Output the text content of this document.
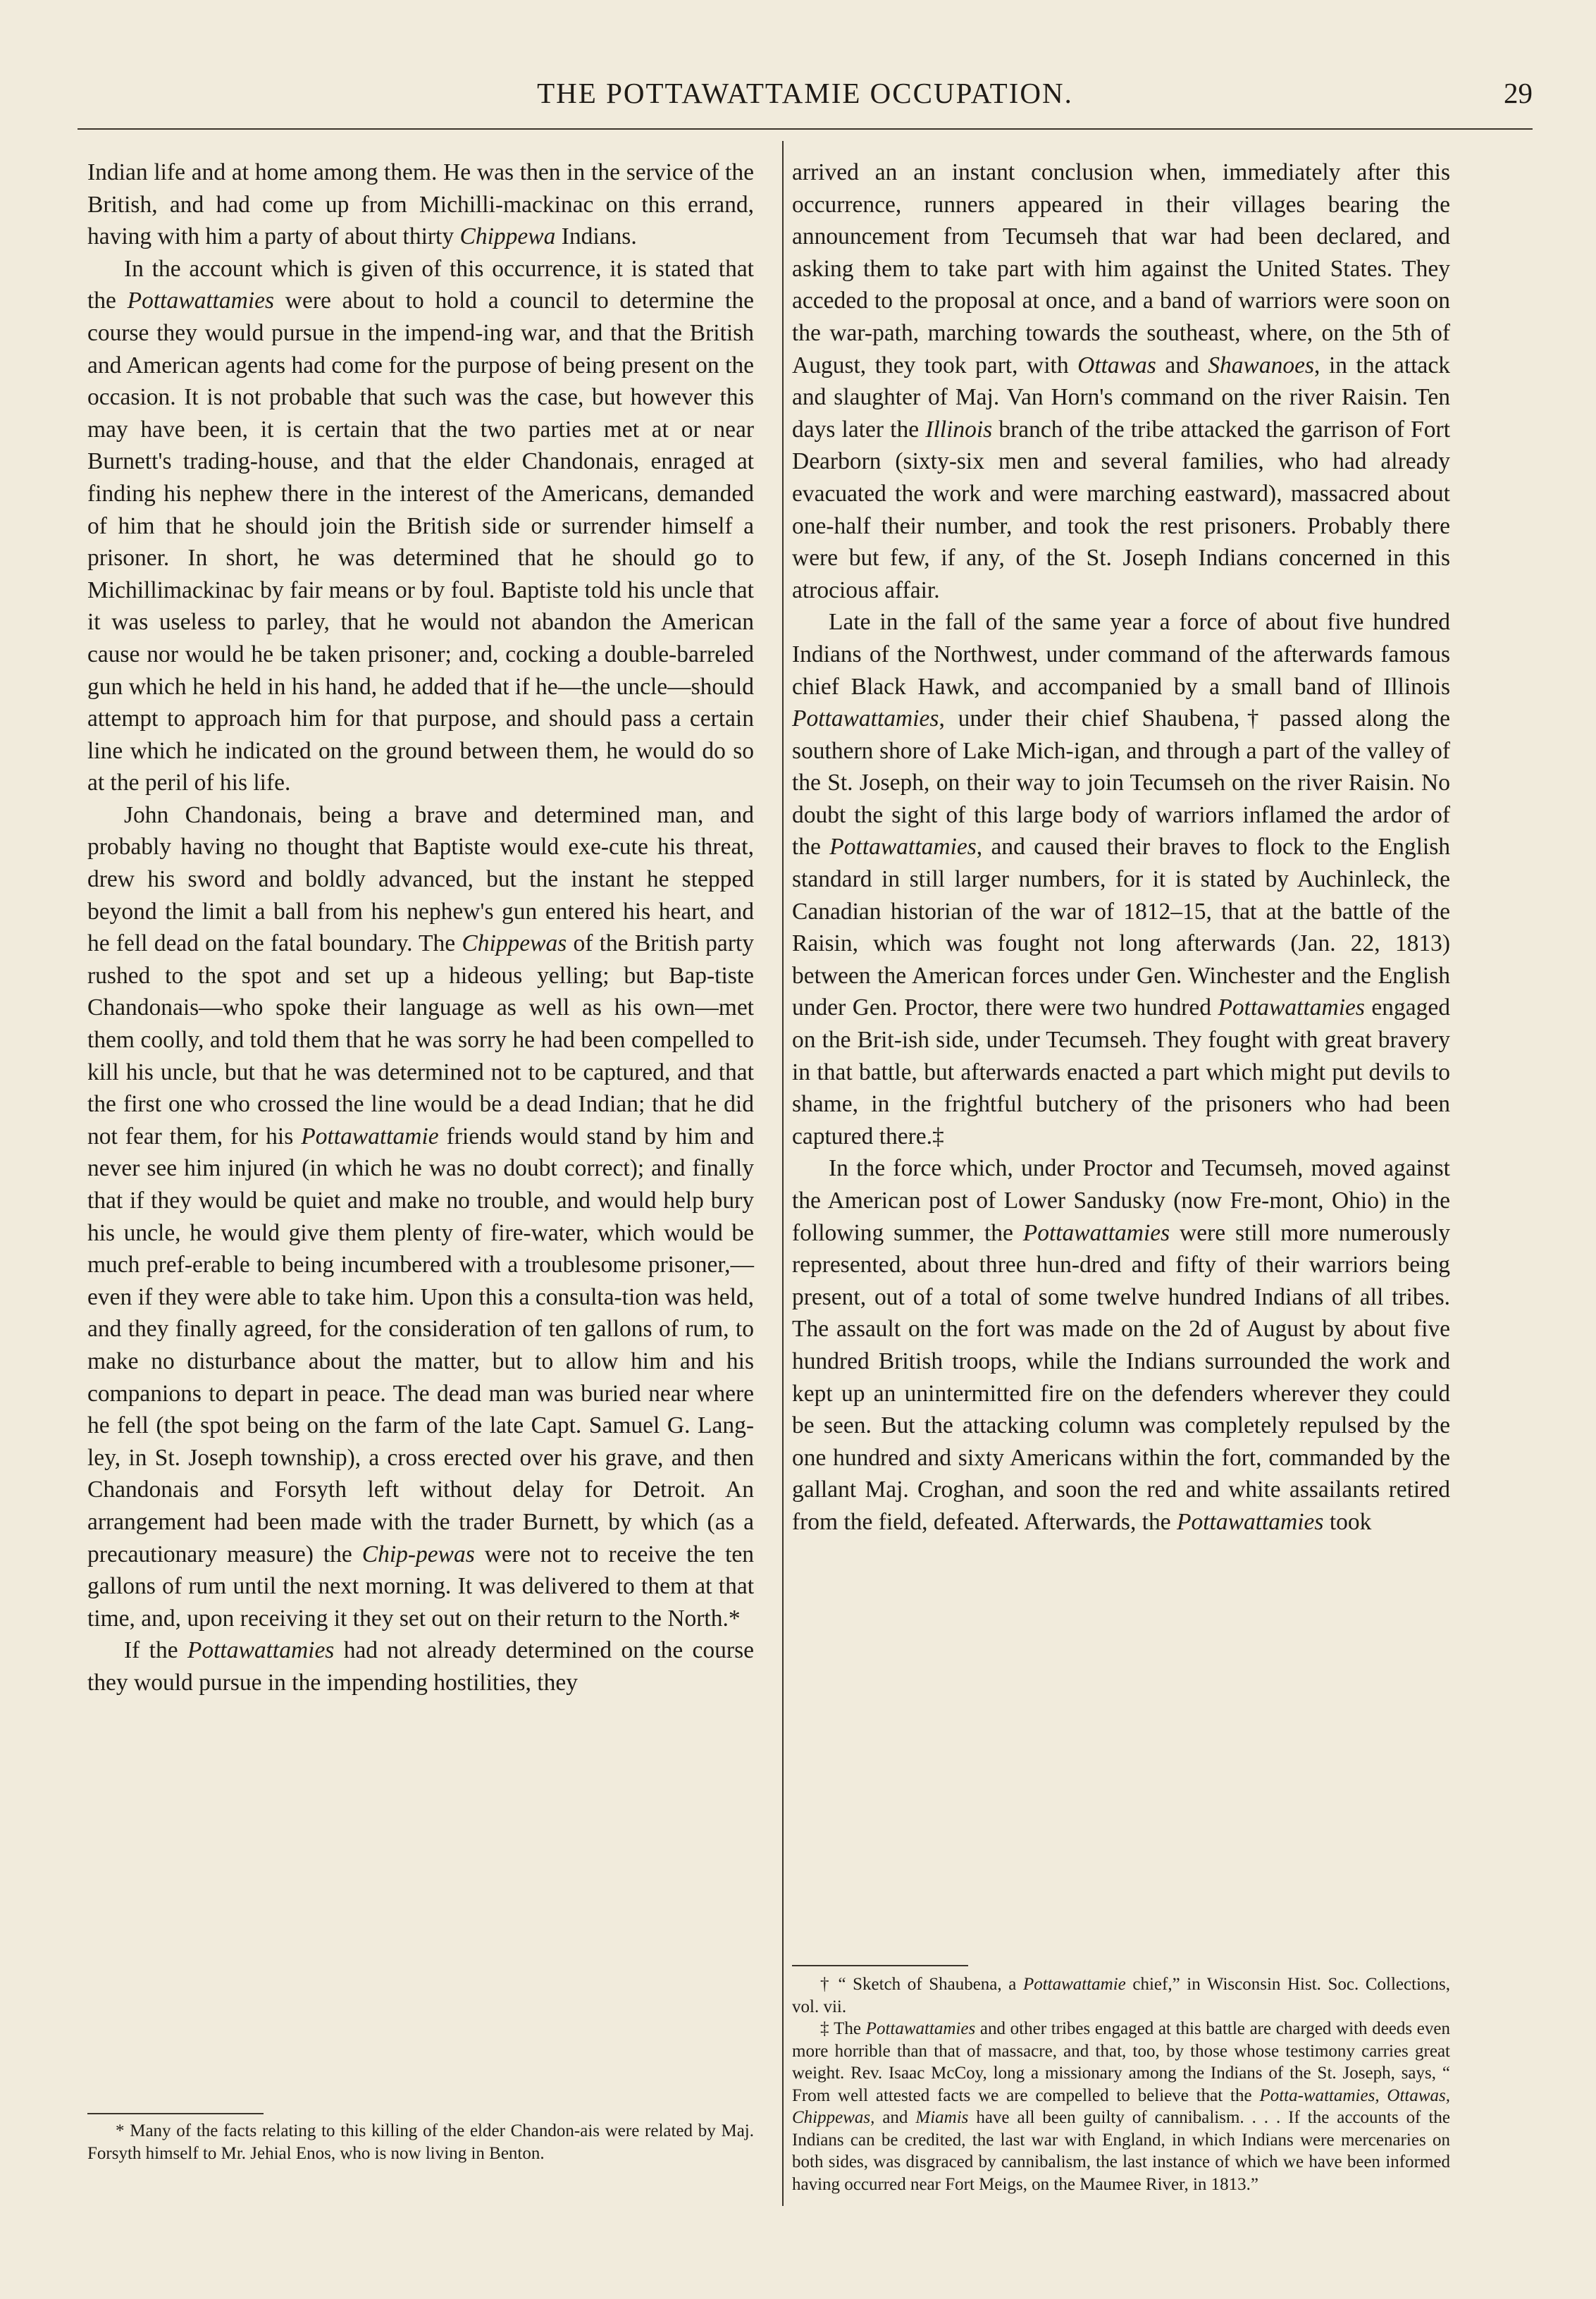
THE POTTAWATTAMIE OCCUPATION.	29

Indian life and at home among them. He was then in the service of the British, and had come up from Michilli-mackinac on this errand, having with him a party of about thirty Chippewa Indians.

In the account which is given of this occurrence, it is stated that the Pottawattamies were about to hold a council to determine the course they would pursue in the impend-ing war, and that the British and American agents had come for the purpose of being present on the occasion. It is not probable that such was the case, but however this may have been, it is certain that the two parties met at or near Burnett's trading-house, and that the elder Chandonais, enraged at finding his nephew there in the interest of the Americans, demanded of him that he should join the British side or surrender himself a prisoner. In short, he was determined that he should go to Michillimackinac by fair means or by foul. Baptiste told his uncle that it was useless to parley, that he would not abandon the American cause nor would he be taken prisoner; and, cocking a double-barreled gun which he held in his hand, he added that if he—the uncle—should attempt to approach him for that purpose, and should pass a certain line which he indicated on the ground between them, he would do so at the peril of his life.

John Chandonais, being a brave and determined man, and probably having no thought that Baptiste would exe-cute his threat, drew his sword and boldly advanced, but the instant he stepped beyond the limit a ball from his nephew's gun entered his heart, and he fell dead on the fatal boundary. The Chippewas of the British party rushed to the spot and set up a hideous yelling; but Bap-tiste Chandonais—who spoke their language as well as his own—met them coolly, and told them that he was sorry he had been compelled to kill his uncle, but that he was determined not to be captured, and that the first one who crossed the line would be a dead Indian; that he did not fear them, for his Pottawattamie friends would stand by him and never see him injured (in which he was no doubt correct); and finally that if they would be quiet and make no trouble, and would help bury his uncle, he would give them plenty of fire-water, which would be much pref-erable to being incumbered with a troublesome prisoner,—even if they were able to take him. Upon this a consulta-tion was held, and they finally agreed, for the consideration of ten gallons of rum, to make no disturbance about the matter, but to allow him and his companions to depart in peace. The dead man was buried near where he fell (the spot being on the farm of the late Capt. Samuel G. Lang-ley, in St. Joseph township), a cross erected over his grave, and then Chandonais and Forsyth left without delay for Detroit. An arrangement had been made with the trader Burnett, by which (as a precautionary measure) the Chip-pewas were not to receive the ten gallons of rum until the next morning. It was delivered to them at that time, and, upon receiving it they set out on their return to the North.*

If the Pottawattamies had not already determined on the course they would pursue in the impending hostilities, they

* Many of the facts relating to this killing of the elder Chandon-ais were related by Maj. Forsyth himself to Mr. Jehial Enos, who is now living in Benton.

arrived an an instant conclusion when, immediately after this occurrence, runners appeared in their villages bearing the announcement from Tecumseh that war had been declared, and asking them to take part with him against the United States. They acceded to the proposal at once, and a band of warriors were soon on the war-path, marching towards the southeast, where, on the 5th of August, they took part, with Ottawas and Shawanoes, in the attack and slaughter of Maj. Van Horn's command on the river Raisin. Ten days later the Illinois branch of the tribe attacked the garrison of Fort Dearborn (sixty-six men and several families, who had already evacuated the work and were marching eastward), massacred about one-half their number, and took the rest prisoners. Probably there were but few, if any, of the St. Joseph Indians concerned in this atrocious affair.

Late in the fall of the same year a force of about five hundred Indians of the Northwest, under command of the afterwards famous chief Black Hawk, and accompanied by a small band of Illinois Pottawattamies, under their chief Shaubena,† passed along the southern shore of Lake Mich-igan, and through a part of the valley of the St. Joseph, on their way to join Tecumseh on the river Raisin. No doubt the sight of this large body of warriors inflamed the ardor of the Pottawattamies, and caused their braves to flock to the English standard in still larger numbers, for it is stated by Auchinleck, the Canadian historian of the war of 1812–15, that at the battle of the Raisin, which was fought not long afterwards (Jan. 22, 1813) between the American forces under Gen. Winchester and the English under Gen. Proctor, there were two hundred Pottawattamies engaged on the Brit-ish side, under Tecumseh. They fought with great bravery in that battle, but afterwards enacted a part which might put devils to shame, in the frightful butchery of the prisoners who had been captured there.‡

In the force which, under Proctor and Tecumseh, moved against the American post of Lower Sandusky (now Fre-mont, Ohio) in the following summer, the Pottawattamies were still more numerously represented, about three hun-dred and fifty of their warriors being present, out of a total of some twelve hundred Indians of all tribes. The assault on the fort was made on the 2d of August by about five hundred British troops, while the Indians surrounded the work and kept up an unintermitted fire on the defenders wherever they could be seen. But the attacking column was completely repulsed by the one hundred and sixty Americans within the fort, commanded by the gallant Maj. Croghan, and soon the red and white assailants retired from the field, defeated. Afterwards, the Pottawattamies took

† “ Sketch of Shaubena, a Pottawattamie chief,” in Wisconsin Hist. Soc. Collections, vol. vii.

‡ The Pottawattamies and other tribes engaged at this battle are charged with deeds even more horrible than that of massacre, and that, too, by those whose testimony carries great weight. Rev. Isaac McCoy, long a missionary among the Indians of the St. Joseph, says, “ From well attested facts we are compelled to believe that the Potta-wattamies, Ottawas, Chippewas, and Miamis have all been guilty of cannibalism. . . . If the accounts of the Indians can be credited, the last war with England, in which Indians were mercenaries on both sides, was disgraced by cannibalism, the last instance of which we have been informed having occurred near Fort Meigs, on the Maumee River, in 1813.”
